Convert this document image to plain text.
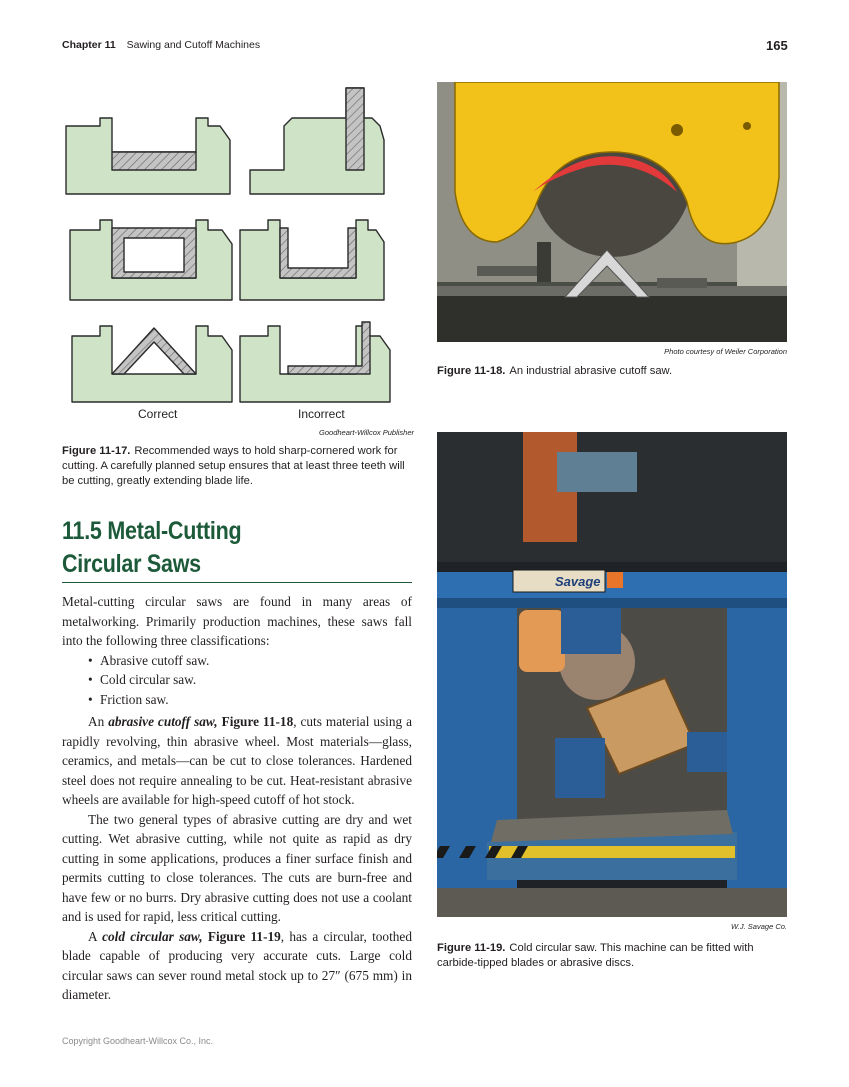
Chapter 11 Sawing and Cutoff Machines	165
Correct	Incorrect
Goodheart-Willcox Publisher
Figure 11-17. Recommended ways to hold sharp-cornered work for cutting. A carefully planned setup ensures that at least three teeth will be cutting, greatly extending blade life.
11.5 Metal-Cutting
Circular Saws

Metal-cutting circular saws are found in many areas of metalworking. Primarily production machines, these saws fall into the following three classifications:

• Abrasive cutoff saw.
• Cold circular saw.
• Friction saw.

An abrasive cutoff saw, Figure 11-18, cuts material using a rapidly revolving, thin abrasive wheel. Most materials—glass, ceramics, and metals—can be cut to close tolerances. Hardened steel does not require annealing to be cut. Heat-resistant abrasive wheels are available for high-speed cutoff of hot stock.

The two general types of abrasive cutting are dry and wet cutting. Wet abrasive cutting, while not quite as rapid as dry cutting in some applications, produces a finer surface finish and permits cutting to close tolerances. The cuts are burn-free and have few or no burrs. Dry abrasive cutting does not use a coolant and is used for rapid, less critical cutting.

A cold circular saw, Figure 11-19, has a circular, toothed blade capable of producing very accurate cuts. Large cold circular saws can sever round metal stock up to 27″ (675 mm) in diameter.

Photo courtesy of Weiler Corporation
Figure 11-18. An industrial abrasive cutoff saw.
Savage
W.J. Savage Co.
Figure 11-19. Cold circular saw. This machine can be fitted with carbide-tipped blades or abrasive discs.
Copyright Goodheart-Willcox Co., Inc.
